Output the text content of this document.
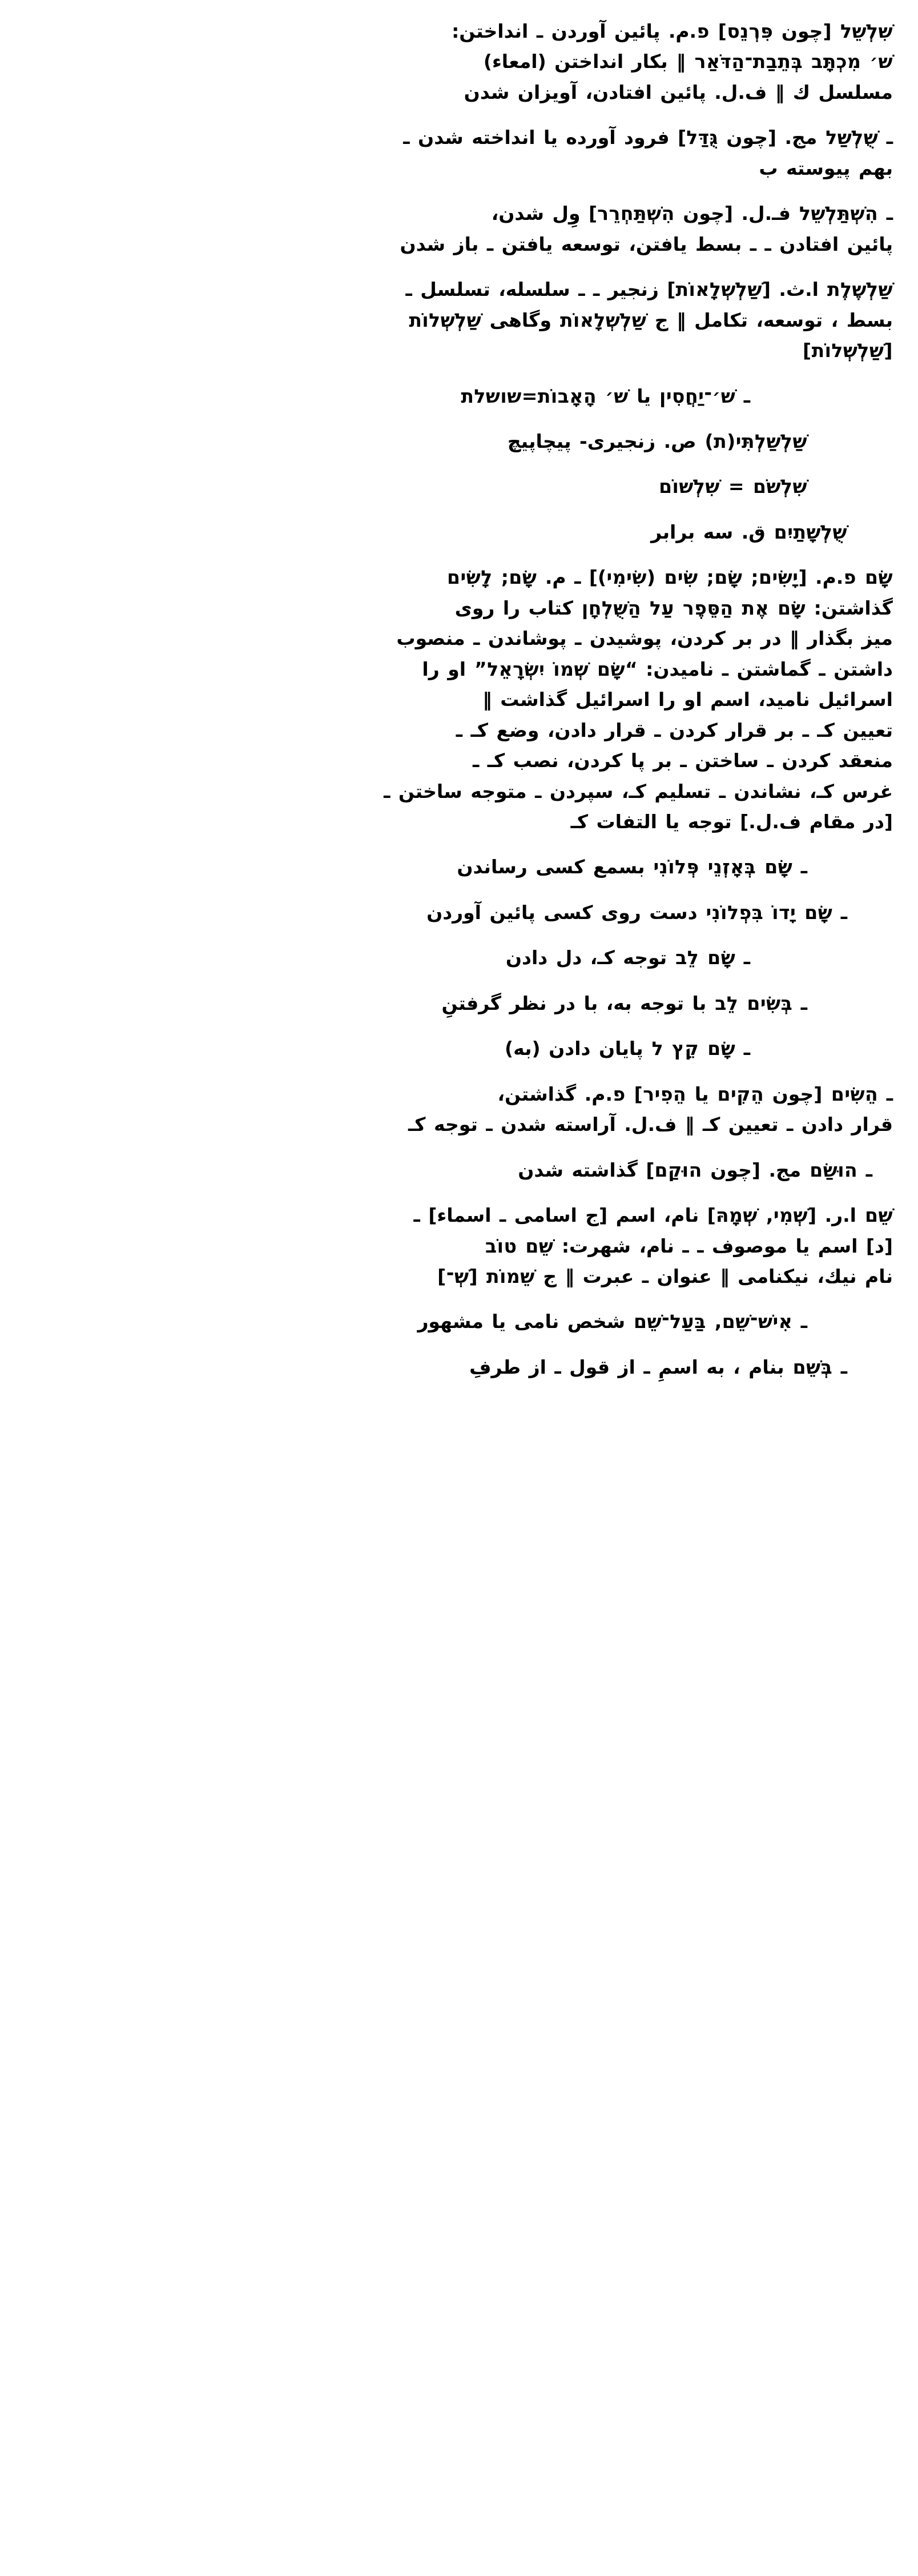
שִׁלְשֵׁל [چون פִּרְנֵס] פ.م. پائین آوردن ـ انداختن:
שׁ׳ מִכְתָּב בְּתֵבַת־הַדֹּאַר ‖ بكار انداختن (امعاء)
مسلسل ك ‖ ف.ل. پائین افتادن، آویزان شدن
ـ שֻׁלְשַׁל مج. [چون גֻּדַּל] فرود آورده یا انداخته شدن ـ
بهم پیوسته ب
ـ הִשְׁתַּלְשֵׁל فـ.ل. [چون הִשְׁתַּחְרֵר] وِل شدن،
پائین افتادن ـ ـ بسط یافتن، توسعه یافتن ـ باز شدن
שַׁלְשֶׁלֶת ا.ث. [שַׁלְשְׁלָאוֹת] زنجیر ـ ـ سلسله، تسلسل ـ
بسط ، توسعه، تكامل ‖ ج שַׁלְשְׁלָאוֹת وگاهى שַׁלְשְׁלוֹת
[שַׁלְשְׁלוֹת]
ـ שׁ׳־יַחֲסִין یا שׁ׳ הָאָבוֹת=שושלת
שַׁלְשַׁלְתִּי(ת) ص. زنجیری- پیچاپیچ
שִׁלְשֹׁם = שִׁלְשׁוֹם
שֻׁלְשָׁתַיִם ق. سه برابر
שָׂם פ.م. [יָשִׂים; שָׂם; שִׂים (שִׂימִי)] ـ م. שָׂם; לָשִׂים
گذاشتن: שָׂם אֶת הַסֵּפֶר עַל הַשֻּׁלְחָן كتاب را روى
میز بگذار ‖ در بر كردن، پوشیدن ـ پوشاندن ـ منصوب
داشتن ـ گماشتن ـ نامیدن: “שָׂם שְׁמוֹ יִשְׂרָאֵל” او را
اسرائیل نامید، اسم او را اسرائیل گذاشت ‖
تعیین كـ ـ بر قرار كردن ـ قرار دادن، وضع كـ ـ
منعقد كردن ـ ساختن ـ بر پا كردن، نصب كـ ـ
غرس كـ، نشاندن ـ تسلیم كـ، سپردن ـ متوجه ساختن ـ
[در مقام ف.ل.] توجه یا التفات كـ
ـ שָׂם בְּאָזְנֵי פְּלוֹנִי بسمع كسى رساندن
ـ שָׂם יָדוֹ בִּפְלוֹנִי دست روى كسى پائین آوردن
ـ שָׂם לֵב توجه كـ، دل دادن
ـ בְּשִׂים לֵב با توجه به، با در نظر گرفتنِ
ـ שָׂם קֵץ ל پایان دادن (به)
ـ הֵשִׂים [چون הֵקִים یا הֵפִיר] פ.م. گذاشتن،
قرار دادن ـ تعیین كـ ‖ ف.ل. آراسته شدن ـ توجه كـ
ـ הוּשַׂם مج. [چون הוּקַם] گذاشته شدن
שֵׁם ا.ر. [שְׁמִי, שְׁמָהּ] نام، اسم [ج اسامى ـ اسماء] ـ
[د] اسم یا موصوف ـ ـ نام، شهرت: שֵׁם טוֹב
نام نيك، نيكنامى ‖ عنوان ـ عبرت ‖ ج שֵׁמוֹת [שְׁ־]
ـ אִישׁ־שֵׁם, בַּעַל־שֵׁם شخص نامى یا مشهور
ـ בְּשֵׁם بنام ، به اسمِ ـ از قول ـ از طرفِ
